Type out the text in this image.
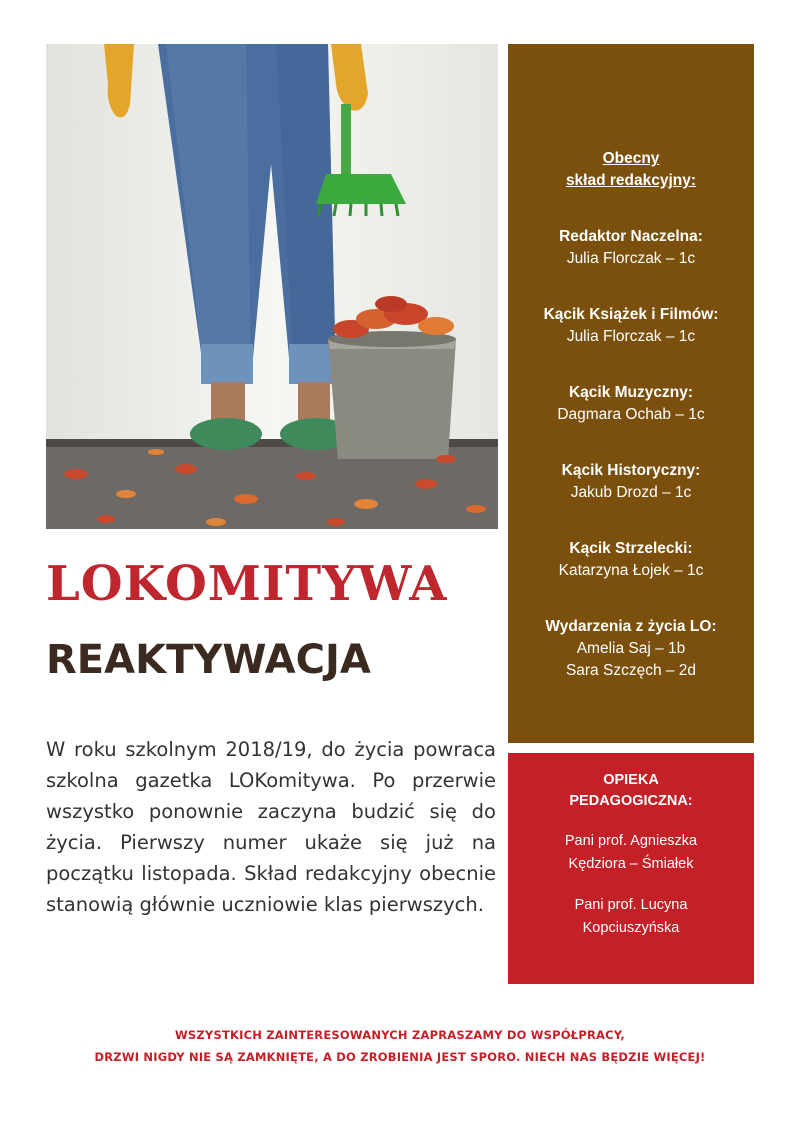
LOKOMITYWA
REAKTYWACJA

W roku szkolnym 2018/19, do życia powraca szkolna gazetka LOKomitywa. Po przerwie wszystko ponownie zaczyna budzić się do życia. Pierwszy numer ukaże się już na początku listopada. Skład redakcyjny obecnie stanowią głównie uczniowie klas pierwszych.

Obecny
skład redakcyjny:
Redaktor Naczelna:
Julia Florczak – 1c
Kącik Książek i Filmów:
Julia Florczak – 1c
Kącik Muzyczny:
Dagmara Ochab – 1c
Kącik Historyczny:
Jakub Drozd – 1c
Kącik Strzelecki:
Katarzyna Łojek – 1c
Wydarzenia z życia LO:
Amelia Saj – 1b
Sara Szczęch – 2d
OPIEKA
PEDAGOGICZNA:
Pani prof. Agnieszka
Kędziora – Śmiałek
Pani prof. Lucyna
Kopciuszyńska
WSZYSTKICH ZAINTERESOWANYCH ZAPRASZAMY DO WSPÓŁPRACY,
DRZWI NIGDY NIE SĄ ZAMKNIĘTE, A DO ZROBIENIA JEST SPORO. NIECH NAS BĘDZIE WIĘCEJ!
